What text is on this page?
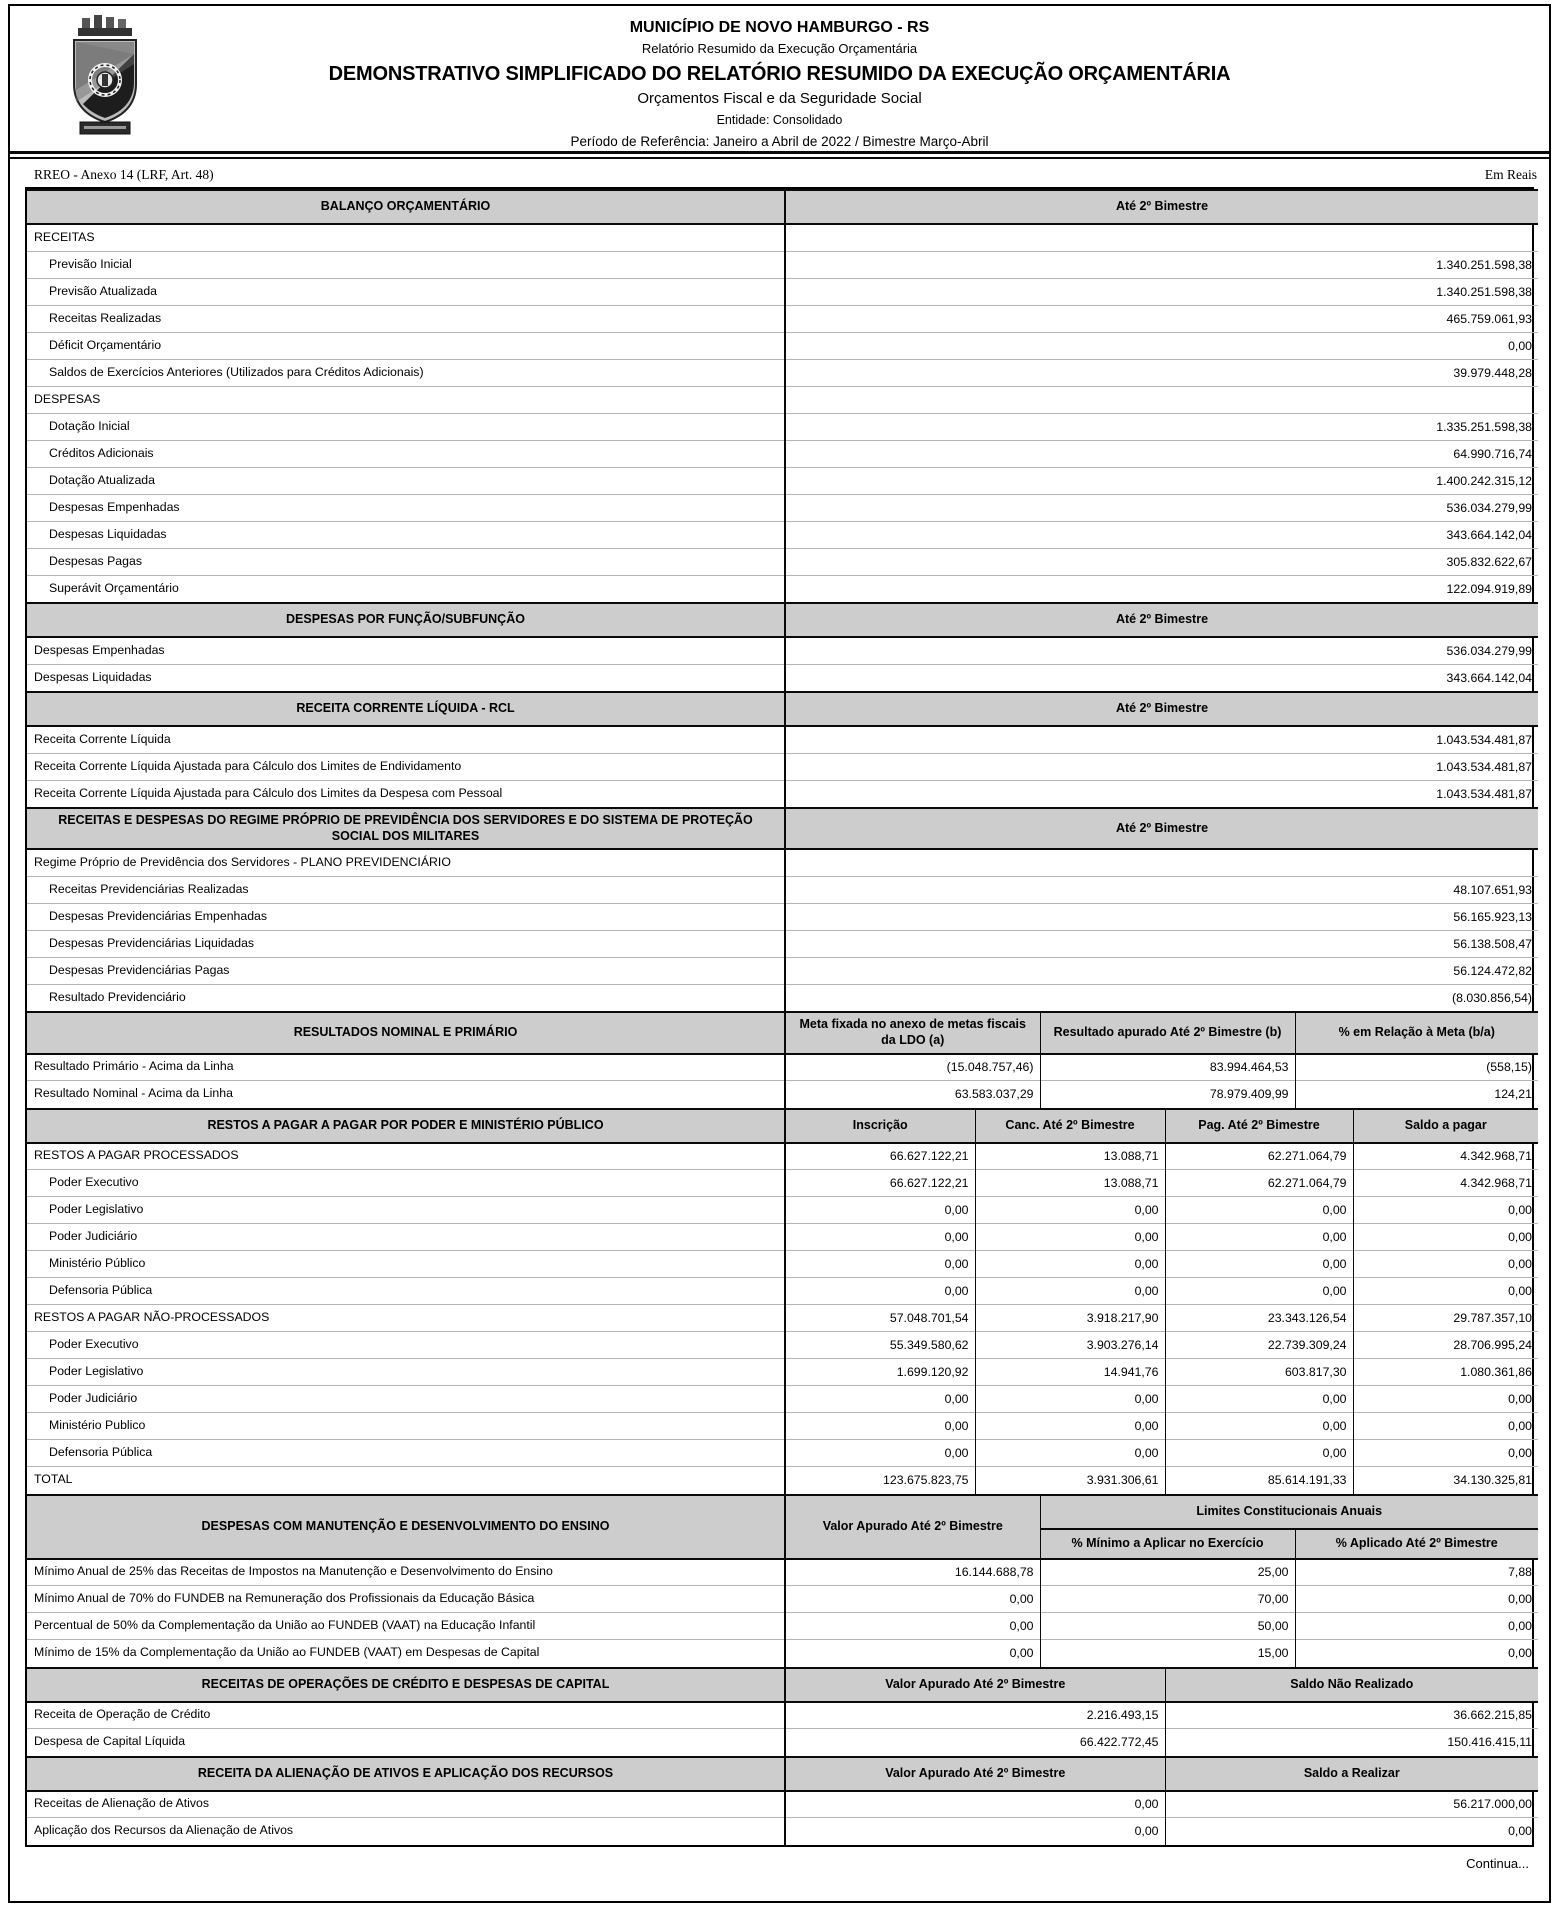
MUNICÍPIO DE NOVO HAMBURGO - RS
Relatório Resumido da Execução Orçamentária
DEMONSTRATIVO SIMPLIFICADO DO RELATÓRIO RESUMIDO DA EXECUÇÃO ORÇAMENTÁRIA
Orçamentos Fiscal e da Seguridade Social
Entidade: Consolidado
Período de Referência: Janeiro a Abril de 2022 / Bimestre Março-Abril
RREO - Anexo 14 (LRF, Art. 48)	Em Reais
BALANÇO ORÇAMENTÁRIO	Até 2º Bimestre
RECEITAS	
Previsão Inicial	1.340.251.598,38
Previsão Atualizada	1.340.251.598,38
Receitas Realizadas	465.759.061,93
Déficit Orçamentário	0,00
Saldos de Exercícios Anteriores (Utilizados para Créditos Adicionais)	39.979.448,28
DESPESAS	
Dotação Inicial	1.335.251.598,38
Créditos Adicionais	64.990.716,74
Dotação Atualizada	1.400.242.315,12
Despesas Empenhadas	536.034.279,99
Despesas Liquidadas	343.664.142,04
Despesas Pagas	305.832.622,67
Superávit Orçamentário	122.094.919,89
DESPESAS POR FUNÇÃO/SUBFUNÇÃO	Até 2º Bimestre
Despesas Empenhadas	536.034.279,99
Despesas Liquidadas	343.664.142,04
RECEITA CORRENTE LÍQUIDA - RCL	Até 2º Bimestre
Receita Corrente Líquida	1.043.534.481,87
Receita Corrente Líquida Ajustada para Cálculo dos Limites de Endividamento	1.043.534.481,87
Receita Corrente Líquida Ajustada para Cálculo dos Limites da Despesa com Pessoal	1.043.534.481,87
RECEITAS E DESPESAS DO REGIME PRÓPRIO DE PREVIDÊNCIA DOS SERVIDORES E DO SISTEMA DE PROTEÇÃO SOCIAL DOS MILITARES	Até 2º Bimestre
Regime Próprio de Previdência dos Servidores - PLANO PREVIDENCIÁRIO	
Receitas Previdenciárias Realizadas	48.107.651,93
Despesas Previdenciárias Empenhadas	56.165.923,13
Despesas Previdenciárias Liquidadas	56.138.508,47
Despesas Previdenciárias Pagas	56.124.472,82
Resultado Previdenciário	(8.030.856,54)
RESULTADOS NOMINAL E PRIMÁRIO	Meta fixada no anexo de metas fiscais da LDO (a)	Resultado apurado Até 2º Bimestre (b)	% em Relação à Meta (b/a)
Resultado Primário - Acima da Linha	(15.048.757,46)	83.994.464,53	(558,15)
Resultado Nominal - Acima da Linha	63.583.037,29	78.979.409,99	124,21
RESTOS A PAGAR A PAGAR POR PODER E MINISTÉRIO PÚBLICO	Inscrição	Canc. Até 2º Bimestre	Pag. Até 2º Bimestre	Saldo a pagar
RESTOS A PAGAR PROCESSADOS	66.627.122,21	13.088,71	62.271.064,79	4.342.968,71
Poder Executivo	66.627.122,21	13.088,71	62.271.064,79	4.342.968,71
Poder Legislativo	0,00	0,00	0,00	0,00
Poder Judiciário	0,00	0,00	0,00	0,00
Ministério Público	0,00	0,00	0,00	0,00
Defensoria Pública	0,00	0,00	0,00	0,00
RESTOS A PAGAR NÃO-PROCESSADOS	57.048.701,54	3.918.217,90	23.343.126,54	29.787.357,10
Poder Executivo	55.349.580,62	3.903.276,14	22.739.309,24	28.706.995,24
Poder Legislativo	1.699.120,92	14.941,76	603.817,30	1.080.361,86
Poder Judiciário	0,00	0,00	0,00	0,00
Ministério Publico	0,00	0,00	0,00	0,00
Defensoria Pública	0,00	0,00	0,00	0,00
TOTAL	123.675.823,75	3.931.306,61	85.614.191,33	34.130.325,81
DESPESAS COM MANUTENÇÃO E DESENVOLVIMENTO DO ENSINO	Valor Apurado Até 2º Bimestre	Limites Constitucionais Anuais	
		% Mínimo a Aplicar no Exercício	% Aplicado Até 2º Bimestre
Mínimo Anual de 25% das Receitas de Impostos na Manutenção e Desenvolvimento do Ensino	16.144.688,78	25,00	7,88
Mínimo Anual de 70% do FUNDEB na Remuneração dos Profissionais da Educação Básica	0,00	70,00	0,00
Percentual de 50% da Complementação da União ao FUNDEB (VAAT) na Educação Infantil	0,00	50,00	0,00
Mínimo de 15% da Complementação da União ao FUNDEB (VAAT) em Despesas de Capital	0,00	15,00	0,00
RECEITAS DE OPERAÇÕES DE CRÉDITO E DESPESAS DE CAPITAL	Valor Apurado Até 2º Bimestre	Saldo Não Realizado
Receita de Operação de Crédito	2.216.493,15	36.662.215,85
Despesa de Capital Líquida	66.422.772,45	150.416.415,11
RECEITA DA ALIENAÇÃO DE ATIVOS E APLICAÇÃO DOS RECURSOS	Valor Apurado Até 2º Bimestre	Saldo a Realizar
Receitas de Alienação de Ativos	0,00	56.217.000,00
Aplicação dos Recursos da Alienação de Ativos	0,00	0,00
Continua...
